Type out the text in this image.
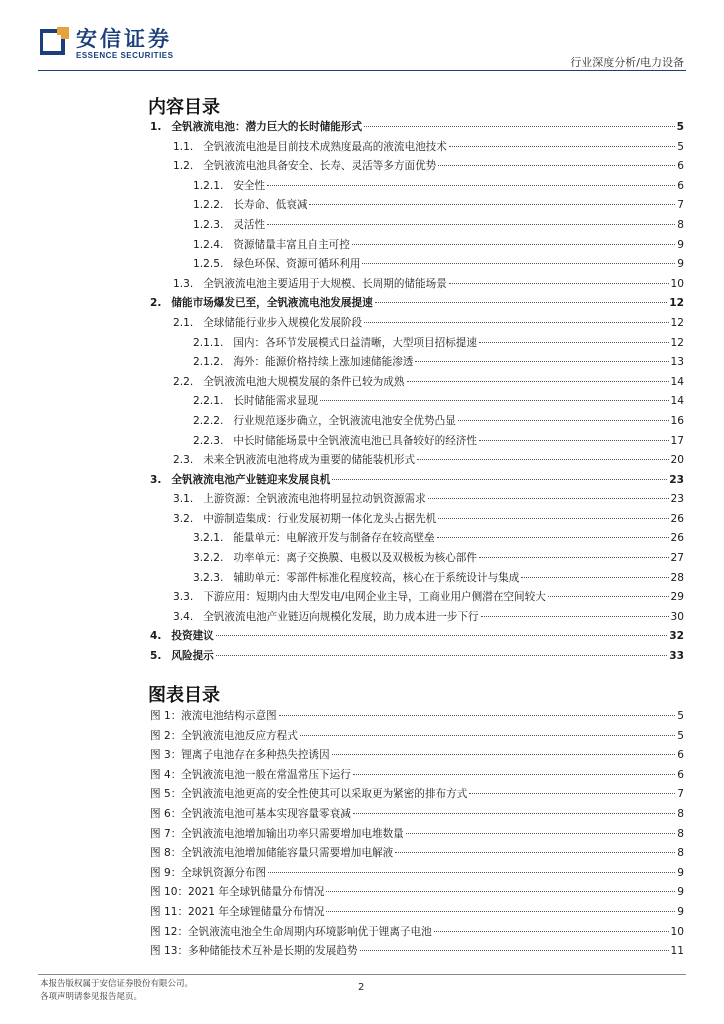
安信证券
ESSENCE SECURITIES
行业深度分析/电力设备
内容目录
1. 全钒液流电池：潜力巨大的长时储能形式	5
1.1. 全钒液流电池是目前技术成熟度最高的液流电池技术	5
1.2. 全钒液流电池具备安全、长寿、灵活等多方面优势	6
1.2.1. 安全性	6
1.2.2. 长寿命、低衰减	7
1.2.3. 灵活性	8
1.2.4. 资源储量丰富且自主可控	9
1.2.5. 绿色环保、资源可循环利用	9
1.3. 全钒液流电池主要适用于大规模、长周期的储能场景	10
2. 储能市场爆发已至，全钒液流电池发展提速	12
2.1. 全球储能行业步入规模化发展阶段	12
2.1.1. 国内：各环节发展模式日益清晰，大型项目招标提速	12
2.1.2. 海外：能源价格持续上涨加速储能渗透	13
2.2. 全钒液流电池大规模发展的条件已较为成熟	14
2.2.1. 长时储能需求显现	14
2.2.2. 行业规范逐步确立，全钒液流电池安全优势凸显	16
2.2.3. 中长时储能场景中全钒液流电池已具备较好的经济性	17
2.3. 未来全钒液流电池将成为重要的储能装机形式	20
3. 全钒液流电池产业链迎来发展良机	23
3.1. 上游资源：全钒液流电池将明显拉动钒资源需求	23
3.2. 中游制造集成：行业发展初期一体化龙头占据先机	26
3.2.1. 能量单元：电解液开发与制备存在较高壁垒	26
3.2.2. 功率单元：离子交换膜、电极以及双极板为核心部件	27
3.2.3. 辅助单元：零部件标准化程度较高，核心在于系统设计与集成	28
3.3. 下游应用：短期内由大型发电/电网企业主导，工商业用户侧潜在空间较大	29
3.4. 全钒液流电池产业链迈向规模化发展，助力成本进一步下行	30
4. 投资建议	32
5. 风险提示	33
图表目录
图 1：液流电池结构示意图	5
图 2：全钒液流电池反应方程式	5
图 3：锂离子电池存在多种热失控诱因	6
图 4：全钒液流电池一般在常温常压下运行	6
图 5：全钒液流电池更高的安全性使其可以采取更为紧密的排布方式	7
图 6：全钒液流电池可基本实现容量零衰减	8
图 7：全钒液流电池增加输出功率只需要增加电堆数量	8
图 8：全钒液流电池增加储能容量只需要增加电解液	8
图 9：全球钒资源分布图	9
图 10：2021 年全球钒储量分布情况	9
图 11：2021 年全球锂储量分布情况	9
图 12：全钒液流电池全生命周期内环境影响优于锂离子电池	10
图 13：多种储能技术互补是长期的发展趋势	11
本报告版权属于安信证券股份有限公司。
各项声明请参见报告尾页。
2
